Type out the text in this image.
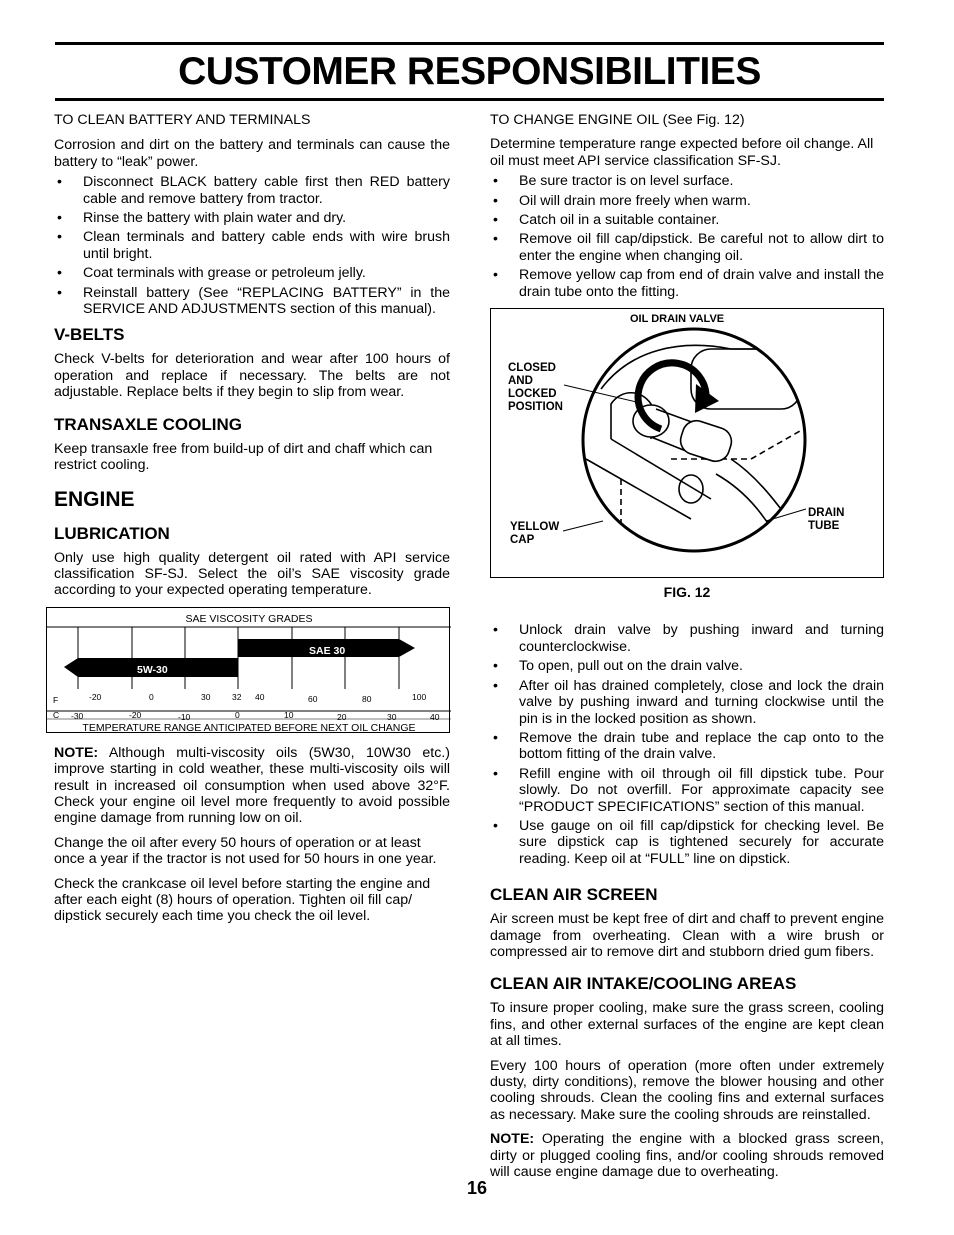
CUSTOMER RESPONSIBILITIES

TO CLEAN BATTERY AND TERMINALS

Corrosion and dirt on the battery and terminals can cause the battery to “leak” power.

• Disconnect BLACK battery cable first then RED battery cable and remove battery from tractor.
• Rinse the battery with plain water and dry.
• Clean terminals and battery cable ends with wire brush until bright.
• Coat terminals with grease or petroleum jelly.
• Reinstall battery (See “REPLACING BATTERY” in the SERVICE AND ADJUSTMENTS section of this manual).
V-BELTS

Check V-belts for deterioration and wear after 100 hours of operation and replace if necessary. The belts are not adjustable. Replace belts if they begin to slip from wear.

TRANSAXLE COOLING

Keep transaxle free from build-up of dirt and chaff which can restrict cooling.

ENGINE
LUBRICATION

Only use high quality detergent oil rated with API service classification SF-SJ. Select the oil’s SAE viscosity grade according to your expected operating temperature.

SAE VISCOSITY GRADES
SAE 30
5W-30
F
C
-20	0	30	32 40	60	80	100
-30	-20	-10	0	10	20	30	40
TEMPERATURE RANGE ANTICIPATED BEFORE NEXT OIL CHANGE

NOTE: Although multi-viscosity oils (5W30, 10W30 etc.) improve starting in cold weather, these multi-viscosity oils will result in increased oil consumption when used above 32°F. Check your engine oil level more frequently to avoid possible engine damage from running low on oil.

Change the oil after every 50 hours of operation or at least once a year if the tractor is not used for 50 hours in one year.

Check the crankcase oil level before starting the engine and after each eight (8) hours of operation. Tighten oil fill cap/ dipstick securely each time you check the oil level.

TO CHANGE ENGINE OIL (See Fig. 12)

Determine temperature range expected before oil change. All oil must meet API service classification SF-SJ.

• Be sure tractor is on level surface.
• Oil will drain more freely when warm.
• Catch oil in a suitable container.
• Remove oil fill cap/dipstick. Be careful not to allow dirt to enter the engine when changing oil.
• Remove yellow cap from end of drain valve and install the drain tube onto the fitting.
OIL DRAIN VALVE
CLOSED
AND
LOCKED
POSITION
YELLOW
CAP
DRAIN
TUBE
FIG. 12
• Unlock drain valve by pushing inward and turning counterclockwise.
• To open, pull out on the drain valve.
• After oil has drained completely, close and lock the drain valve by pushing inward and turning clockwise until the pin is in the locked position as shown.
• Remove the drain tube and replace the cap onto to the bottom fitting of the drain valve.
• Refill engine with oil through oil fill dipstick tube. Pour slowly. Do not overfill. For approximate capacity see “PRODUCT SPECIFICATIONS” section of this manual.
• Use gauge on oil fill cap/dipstick for checking level. Be sure dipstick cap is tightened securely for accurate reading. Keep oil at “FULL” line on dipstick.
CLEAN AIR SCREEN

Air screen must be kept free of dirt and chaff to prevent engine damage from overheating. Clean with a wire brush or compressed air to remove dirt and stubborn dried gum fibers.

CLEAN AIR INTAKE/COOLING AREAS

To insure proper cooling, make sure the grass screen, cooling fins, and other external surfaces of the engine are kept clean at all times.

Every 100 hours of operation (more often under extremely dusty, dirty conditions), remove the blower housing and other cooling shrouds. Clean the cooling fins and external surfaces as necessary. Make sure the cooling shrouds are reinstalled.

NOTE: Operating the engine with a blocked grass screen, dirty or plugged cooling fins, and/or cooling shrouds removed will cause engine damage due to overheating.

16
